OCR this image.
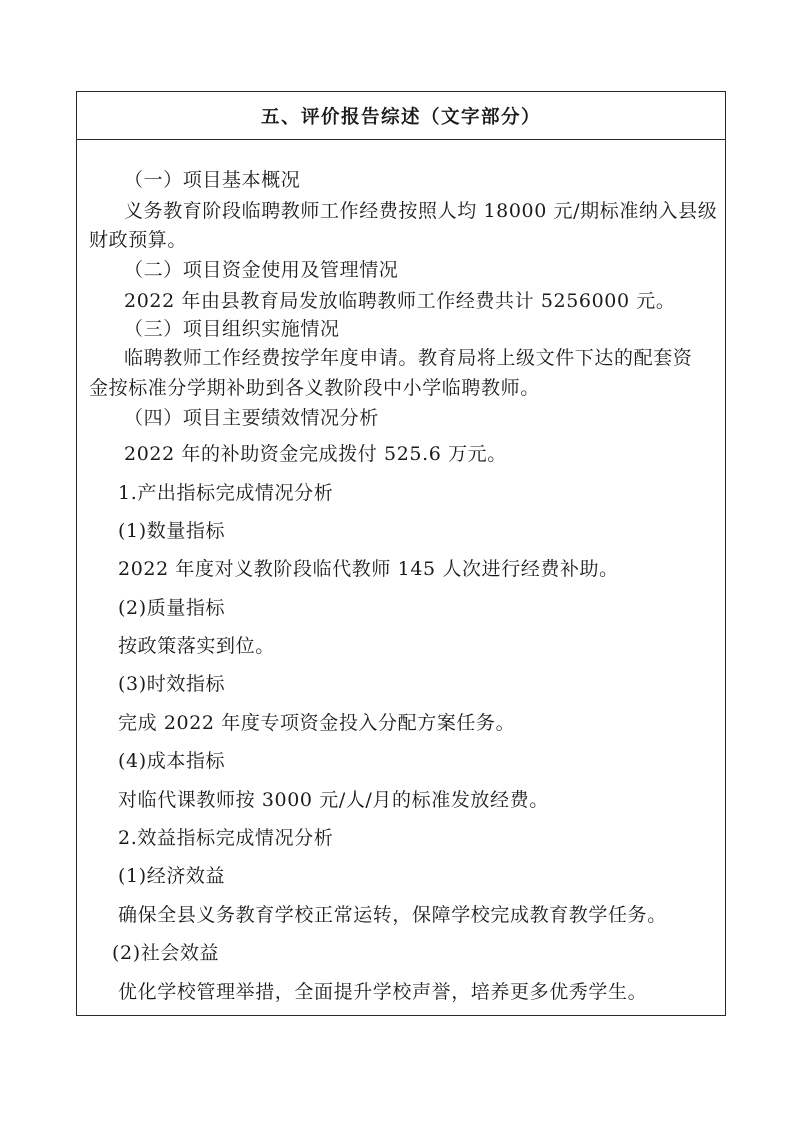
五、评价报告综述（文字部分）
（一）项目基本概况
义务教育阶段临聘教师工作经费按照人均 18000 元/期标准纳入县级
财政预算。
（二）项目资金使用及管理情况
2022 年由县教育局发放临聘教师工作经费共计 5256000 元。
（三）项目组织实施情况
临聘教师工作经费按学年度申请。教育局将上级文件下达的配套资
金按标准分学期补助到各义教阶段中小学临聘教师。
（四）项目主要绩效情况分析
2022 年的补助资金完成拨付 525.6 万元。
1.产出指标完成情况分析
(1)数量指标
2022 年度对义教阶段临代教师 145 人次进行经费补助。
(2)质量指标
按政策落实到位。
(3)时效指标
完成 2022 年度专项资金投入分配方案任务。
(4)成本指标
对临代课教师按 3000 元/人/月的标准发放经费。
2.效益指标完成情况分析
(1)经济效益
确保全县义务教育学校正常运转，保障学校完成教育教学任务。
(2)社会效益
优化学校管理举措，全面提升学校声誉，培养更多优秀学生。
